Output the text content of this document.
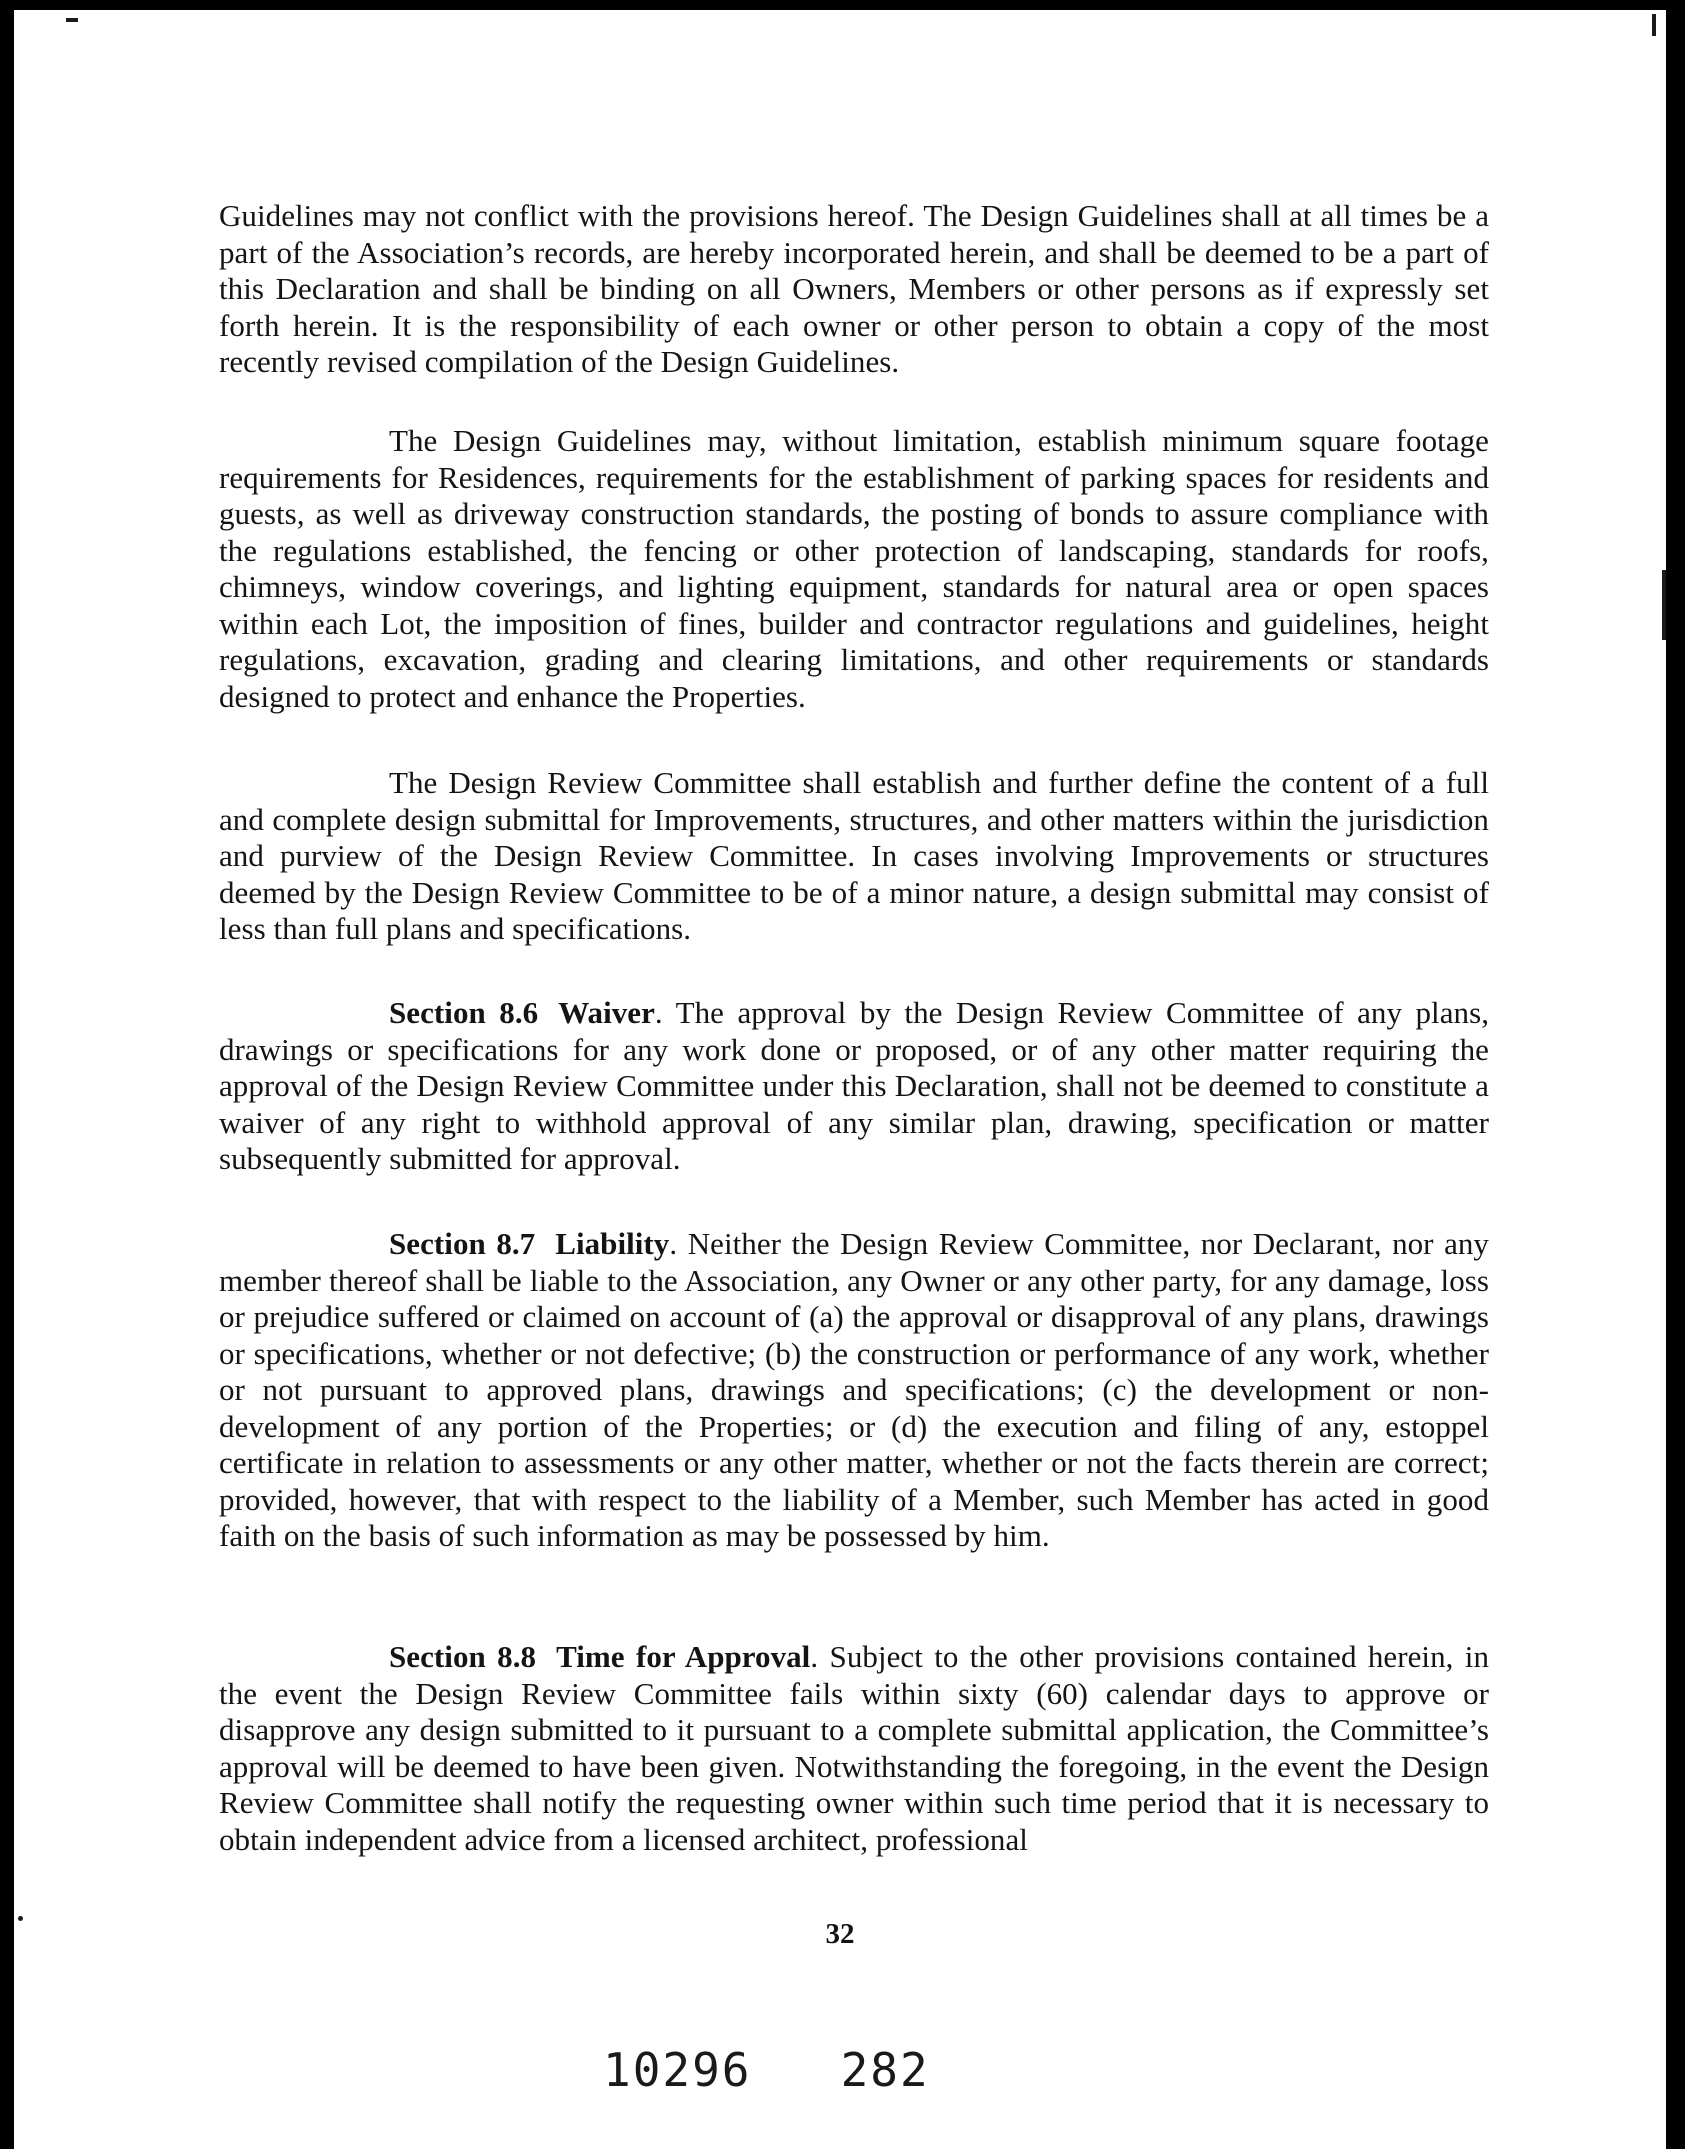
Guidelines may not conflict with the provisions hereof. The Design Guidelines shall at all times be a part of the Association’s records, are hereby incorporated herein, and shall be deemed to be a part of this Declaration and shall be binding on all Owners, Members or other persons as if expressly set forth herein. It is the responsibility of each owner or other person to obtain a copy of the most recently revised compilation of the Design Guidelines.

The Design Guidelines may, without limitation, establish minimum square footage requirements for Residences, requirements for the establishment of parking spaces for residents and guests, as well as driveway construction standards, the posting of bonds to assure compliance with the regulations established, the fencing or other protection of landscaping, standards for roofs, chimneys, window coverings, and lighting equipment, standards for natural area or open spaces within each Lot, the imposition of fines, builder and contractor regulations and guidelines, height regulations, excavation, grading and clearing limitations, and other requirements or standards designed to protect and enhance the Properties.

The Design Review Committee shall establish and further define the content of a full and complete design submittal for Improvements, structures, and other matters within the jurisdiction and purview of the Design Review Committee. In cases involving Improvements or structures deemed by the Design Review Committee to be of a minor nature, a design submittal may consist of less than full plans and specifications.

Section 8.6 Waiver. The approval by the Design Review Committee of any plans, drawings or specifications for any work done or proposed, or of any other matter requiring the approval of the Design Review Committee under this Declaration, shall not be deemed to constitute a waiver of any right to withhold approval of any similar plan, drawing, specification or matter subsequently submitted for approval.

Section 8.7 Liability. Neither the Design Review Committee, nor Declarant, nor any member thereof shall be liable to the Association, any Owner or any other party, for any damage, loss or prejudice suffered or claimed on account of (a) the approval or disapproval of any plans, drawings or specifications, whether or not defective; (b) the construction or performance of any work, whether or not pursuant to approved plans, drawings and specifications; (c) the development or non-development of any portion of the Properties; or (d) the execution and filing of any, estoppel certificate in relation to assessments or any other matter, whether or not the facts therein are correct; provided, however, that with respect to the liability of a Member, such Member has acted in good faith on the basis of such information as may be possessed by him.

Section 8.8 Time for Approval. Subject to the other provisions contained herein, in the event the Design Review Committee fails within sixty (60) calendar days to approve or disapprove any design submitted to it pursuant to a complete submittal application, the Committee’s approval will be deemed to have been given. Notwithstanding the foregoing, in the event the Design Review Committee shall notify the requesting owner within such time period that it is necessary to obtain independent advice from a licensed architect, professional

32
10296 282
